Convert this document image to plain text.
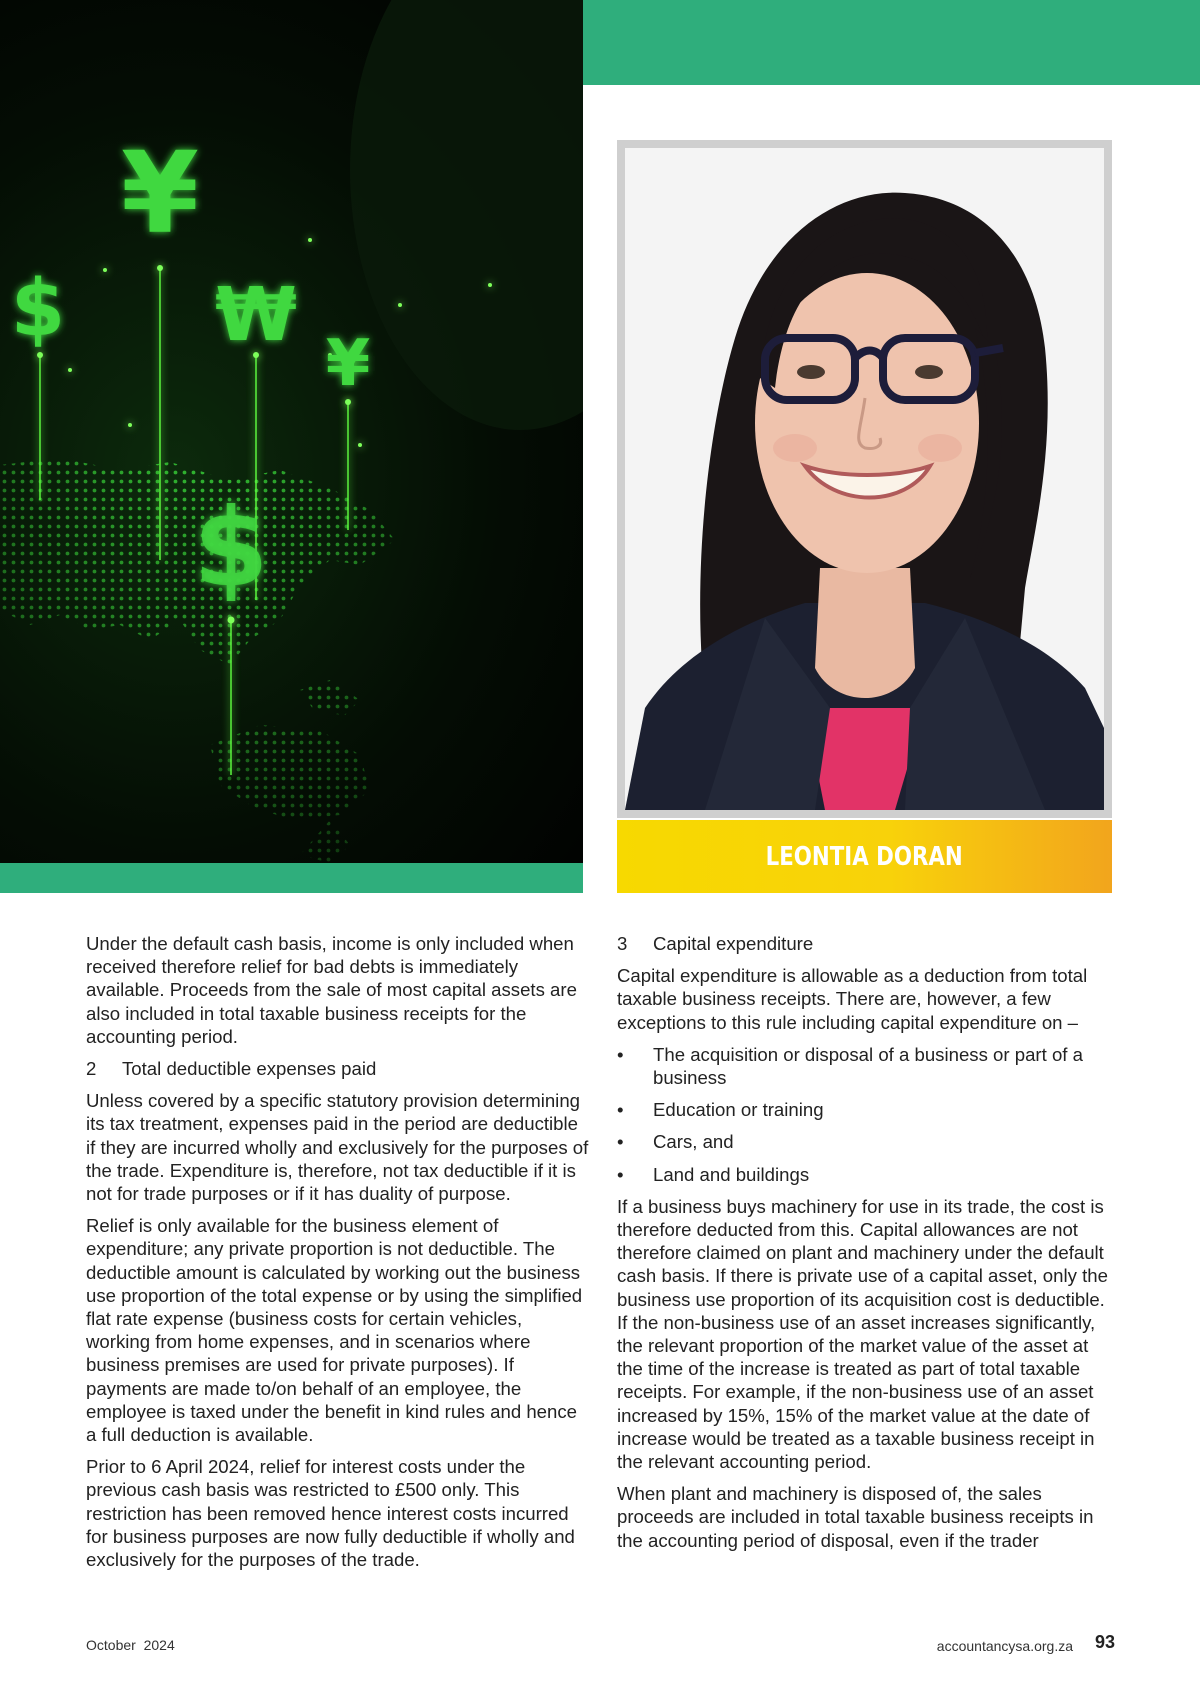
¥
$ ₩
¥
$
LEONTIA DORAN

Under the default cash basis, income is only included when received therefore relief for bad debts is immediately available. Proceeds from the sale of most capital assets are also included in total taxable business receipts for the accounting period.

2	Total deductible expenses paid

Unless covered by a specific statutory provision determining its tax treatment, expenses paid in the period are deductible if they are incurred wholly and exclusively for the purposes of the trade. Expenditure is, therefore, not tax deductible if it is not for trade purposes or if it has duality of purpose.

Relief is only available for the business element of expenditure; any private proportion is not deductible. The deductible amount is calculated by working out the business use proportion of the total expense or by using the simplified flat rate expense (business costs for certain vehicles, working from home expenses, and in scenarios where business premises are used for private purposes). If payments are made to/on behalf of an employee, the employee is taxed under the benefit in kind rules and hence a full deduction is available.

Prior to 6 April 2024, relief for interest costs under the previous cash basis was restricted to £500 only. This restriction has been removed hence interest costs incurred for business purposes are now fully deductible if wholly and exclusively for the purposes of the trade.

3	Capital expenditure

Capital expenditure is allowable as a deduction from total taxable business receipts. There are, however, a few exceptions to this rule including capital expenditure on –

•	The acquisition or disposal of a business or part of a business
•	Education or training
•	Cars, and
•	Land and buildings

If a business buys machinery for use in its trade, the cost is therefore deducted from this. Capital allowances are not therefore claimed on plant and machinery under the default cash basis. If there is private use of a capital asset, only the business use proportion of its acquisition cost is deductible. If the non-business use of an asset increases significantly, the relevant proportion of the market value of the asset at the time of the increase is treated as part of total taxable receipts. For example, if the non-business use of an asset increased by 15%, 15% of the market value at the date of increase would be treated as a taxable business receipt in the relevant accounting period.

When plant and machinery is disposed of, the sales proceeds are included in total taxable business receipts in the accounting period of disposal, even if the trader

October  2024	accountancysa.org.za 93
